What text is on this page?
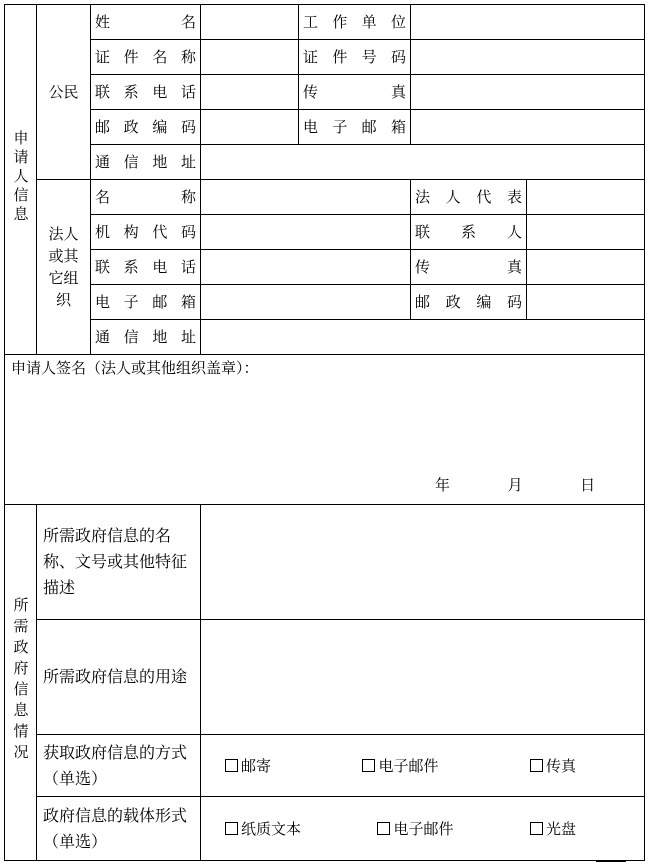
申请人信息	公民	姓　名		工作单位		
		证件名称		证件号码		
		联系电话		传　真		
		邮政编码		电子邮箱		
		通信地址				
	法人或其它组织	名　称			法人代表	
		机构代码			联系人	
		联系电话			传　真	
		电子邮箱			邮政编码	
		通信地址				

申请人签名（法人或其他组织盖章）：
年 月 日						

所需政府信息情况	所需政府信息的名称、文号或其他特征描述					
	所需政府信息的用途					
	获取政府信息的方式（单选）		邮寄 电子邮件 传真			

	政府信息的载体形式（单选）		纸质文本 电子邮件 光盘			
